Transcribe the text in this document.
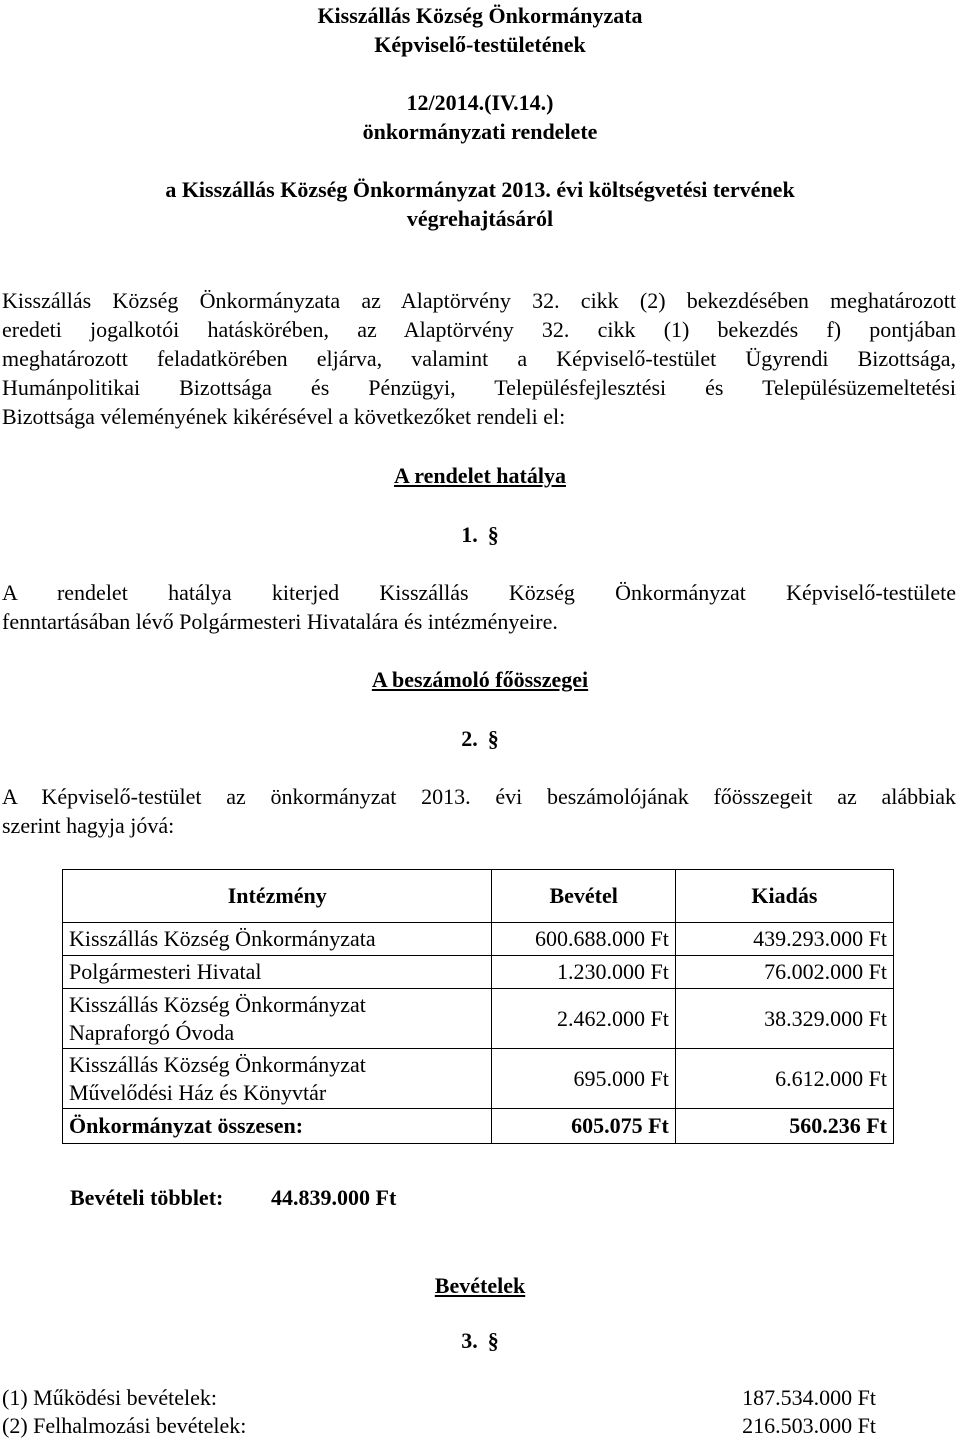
Kisszállás Község Önkormányzata
Képviselő-testületének
12/2014.(IV.14.)
önkormányzati rendelete
a Kisszállás Község Önkormányzat 2013. évi költségvetési tervének
végrehajtásáról
Kisszállás Község Önkormányzata az Alaptörvény 32. cikk (2) bekezdésében meghatározott
eredeti jogalkotói hatáskörében, az Alaptörvény 32. cikk (1) bekezdés f) pontjában
meghatározott feladatkörében eljárva, valamint a Képviselő-testület Ügyrendi Bizottsága,
Humánpolitikai Bizottsága és Pénzügyi, Településfejlesztési és Településüzemeltetési
Bizottsága véleményének kikérésével a következőket rendeli el:
A rendelet hatálya
1. §
A rendelet hatálya kiterjed Kisszállás Község Önkormányzat Képviselő-testülete
fenntartásában lévő Polgármesteri Hivatalára és intézményeire.
A beszámoló főösszegei
2. §
A Képviselő-testület az önkormányzat 2013. évi beszámolójának főösszegeit az alábbiak
szerint hagyja jóvá:
Intézmény	Bevétel	Kiadás
Kisszállás Község Önkormányzata	600.688.000 Ft	439.293.000 Ft
Polgármesteri Hivatal	1.230.000 Ft	76.002.000 Ft

Kisszállás Község Önkormányzat
Napraforgó Óvoda	2.462.000 Ft	38.329.000 Ft

Kisszállás Község Önkormányzat
Művelődési Ház és Könyvtár	695.000 Ft	6.612.000 Ft
Önkormányzat összesen:	605.075 Ft	560.236 Ft
Bevételi többlet: 44.839.000 Ft
Bevételek
3. §
(1) Működési bevételek:	187.534.000 Ft
(2) Felhalmozási bevételek:	216.503.000 Ft
